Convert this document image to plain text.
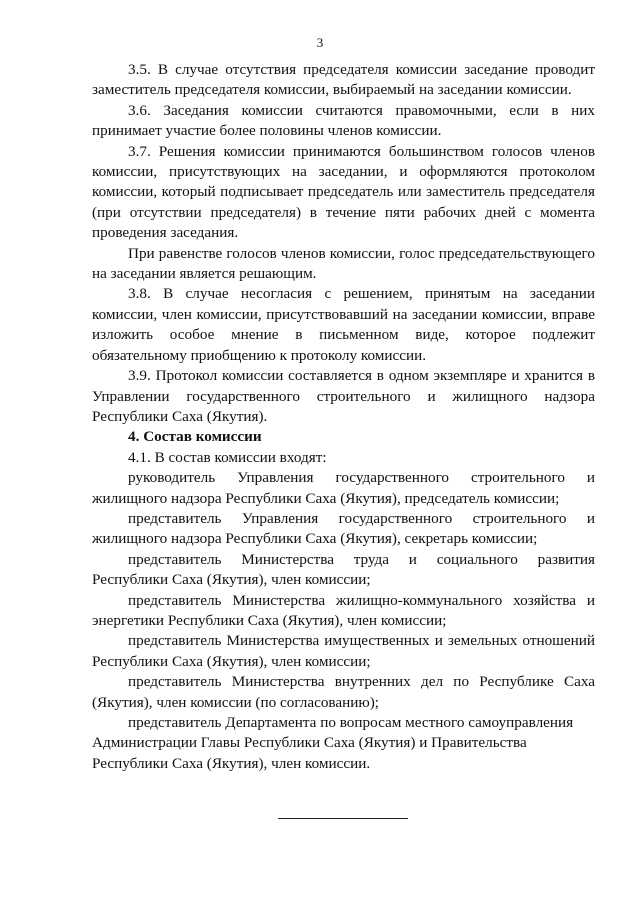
3

3.5. В случае отсутствия председателя комиссии заседание проводит заместитель председателя комиссии, выбираемый на заседании комиссии.

3.6. Заседания комиссии считаются правомочными, если в них принимает участие более половины членов комиссии.

3.7. Решения комиссии принимаются большинством голосов членов комиссии, присутствующих на заседании, и оформляются протоколом комиссии, который подписывает председатель или заместитель председателя (при отсутствии председателя) в течение пяти рабочих дней с момента проведения заседания.

При равенстве голосов членов комиссии, голос председательствующего на заседании является решающим.

3.8. В случае несогласия с решением, принятым на заседании комиссии, член комиссии, присутствовавший на заседании комиссии, вправе изложить особое мнение в письменном виде, которое подлежит обязательному приобщению к протоколу комиссии.

3.9. Протокол комиссии составляется в одном экземпляре и хранится в Управлении государственного строительного и жилищного надзора Республики Саха (Якутия).

4. Состав комиссии

4.1. В состав комиссии входят:

руководитель Управления государственного строительного и жилищного надзора Республики Саха (Якутия), председатель комиссии;

представитель Управления государственного строительного и жилищного надзора Республики Саха (Якутия), секретарь комиссии;

представитель Министерства труда и социального развития Республики Саха (Якутия), член комиссии;

представитель Министерства жилищно-коммунального хозяйства и энергетики Республики Саха (Якутия), член комиссии;

представитель Министерства имущественных и земельных отношений Республики Саха (Якутия), член комиссии;

представитель Министерства внутренних дел по Республике Саха (Якутия), член комиссии (по согласованию);

представитель Департамента по вопросам местного самоуправления Администрации Главы Республики Саха (Якутия) и Правительства Республики Саха (Якутия), член комиссии.
